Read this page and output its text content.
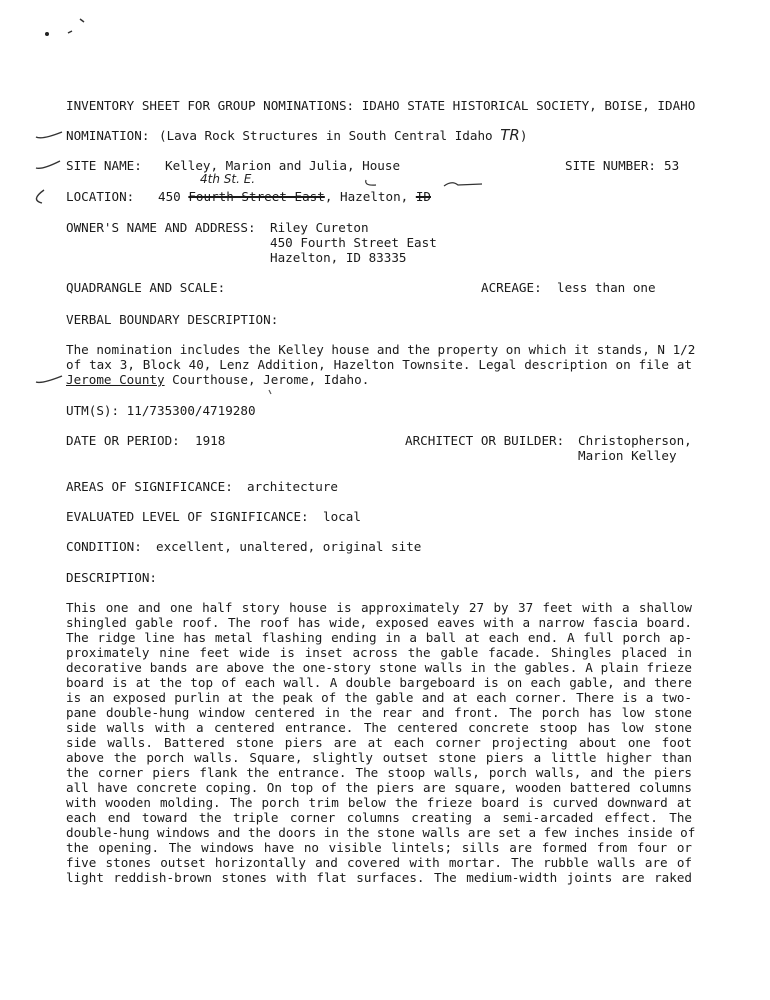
INVENTORY SHEET FOR GROUP NOMINATIONS: IDAHO STATE HISTORICAL SOCIETY, BOISE, IDAHO
NOMINATION: (Lava Rock Structures in South Central Idaho TR)
SITE NAME: Kelley, Marion and Julia, House	SITE NUMBER: 53
4th St. E.
LOCATION: 450 Fourth Street East, Hazelton, ID
OWNER'S NAME AND ADDRESS: Riley Cureton
450 Fourth Street East
Hazelton, ID 83335
QUADRANGLE AND SCALE:	ACREAGE: less than one
VERBAL BOUNDARY DESCRIPTION:
The nomination includes the Kelley house and the property on which it stands, N 1/2
of tax 3, Block 40, Lenz Addition, Hazelton Townsite. Legal description on file at
Jerome County Courthouse, Jerome, Idaho.
UTM(S): 11/735300/4719280
DATE OR PERIOD: 1918	ARCHITECT OR BUILDER: Christopherson,
Marion Kelley
AREAS OF SIGNIFICANCE: architecture
EVALUATED LEVEL OF SIGNIFICANCE: local
CONDITION: excellent, unaltered, original site
DESCRIPTION:
This one and one half story house is approximately 27 by 37 feet with a shallow
shingled gable roof. The roof has wide, exposed eaves with a narrow fascia board.
The ridge line has metal flashing ending in a ball at each end. A full porch ap-
proximately nine feet wide is inset across the gable facade. Shingles placed in
decorative bands are above the one-story stone walls in the gables. A plain frieze
board is at the top of each wall. A double bargeboard is on each gable, and there
is an exposed purlin at the peak of the gable and at each corner. There is a two-
pane double-hung window centered in the rear and front. The porch has low stone
side walls with a centered entrance. The centered concrete stoop has low stone
side walls. Battered stone piers are at each corner projecting about one foot
above the porch walls. Square, slightly outset stone piers a little higher than
the corner piers flank the entrance. The stoop walls, porch walls, and the piers
all have concrete coping. On top of the piers are square, wooden battered columns
with wooden molding. The porch trim below the frieze board is curved downward at
each end toward the triple corner columns creating a semi-arcaded effect. The
double-hung windows and the doors in the stone walls are set a few inches inside of
the opening. The windows have no visible lintels; sills are formed from four or
five stones outset horizontally and covered with mortar. The rubble walls are of
light reddish-brown stones with flat surfaces. The medium-width joints are raked
